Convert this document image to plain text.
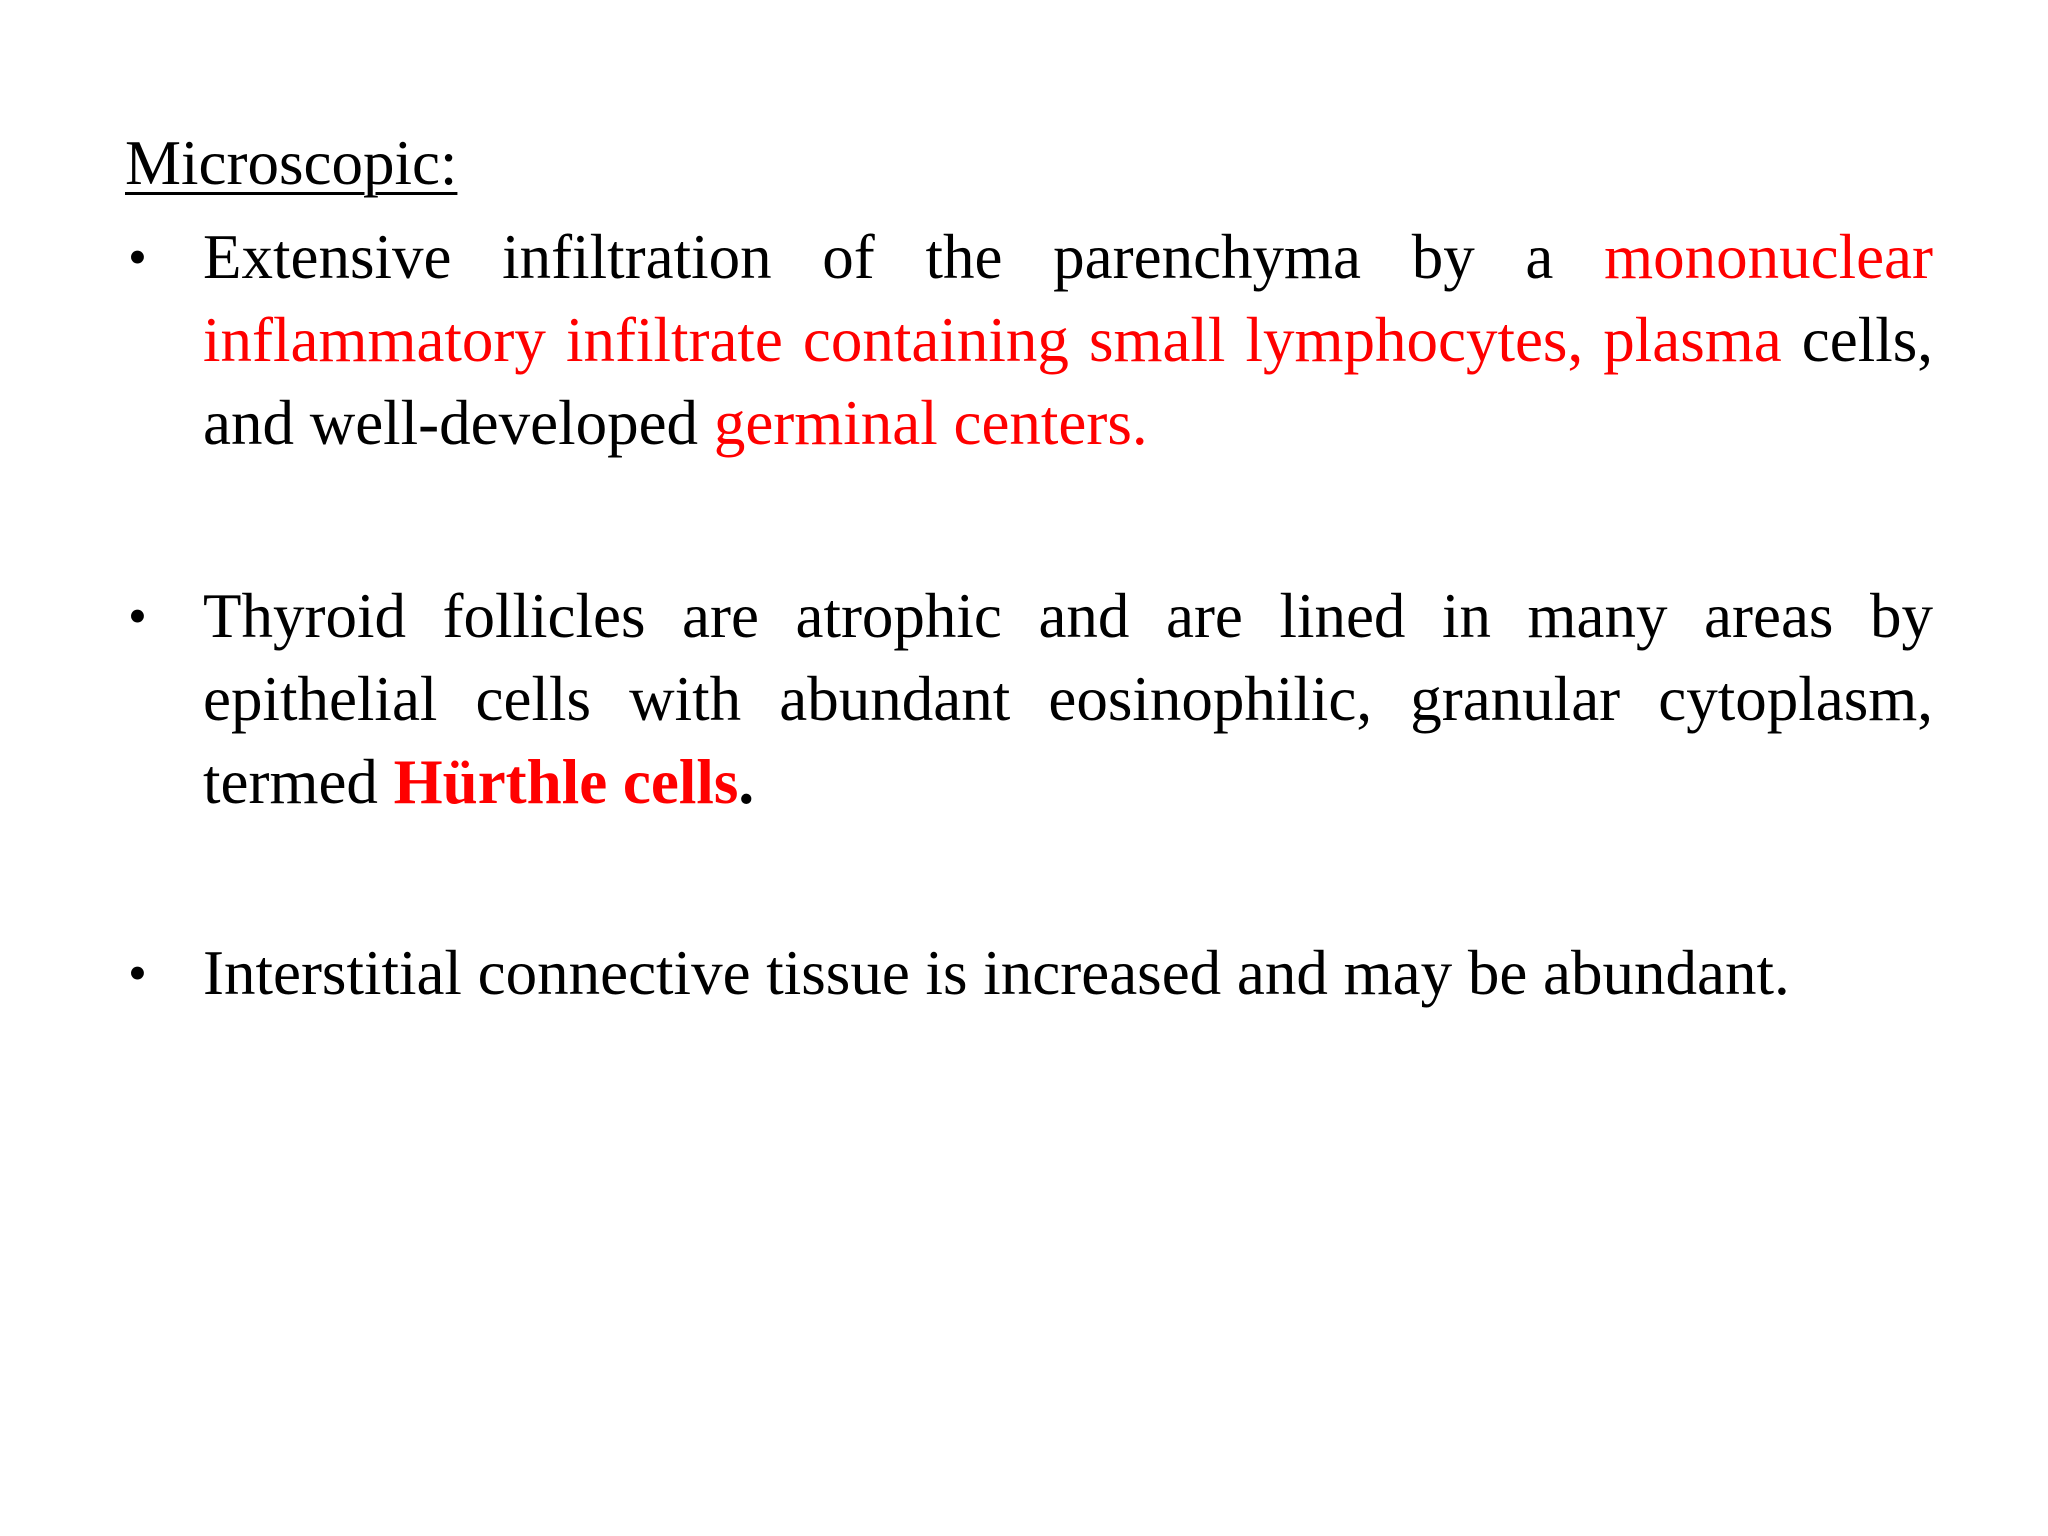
Microscopic:
• Extensive infiltration of the parenchyma by a mononuclear inflammatory infiltrate containing small lymphocytes, plasma cells, and well-developed germinal centers.
• Thyroid follicles are atrophic and are lined in many areas by epithelial cells with abundant eosinophilic, granular cytoplasm, termed Hürthle cells.
• Interstitial connective tissue is increased and may be abundant.
